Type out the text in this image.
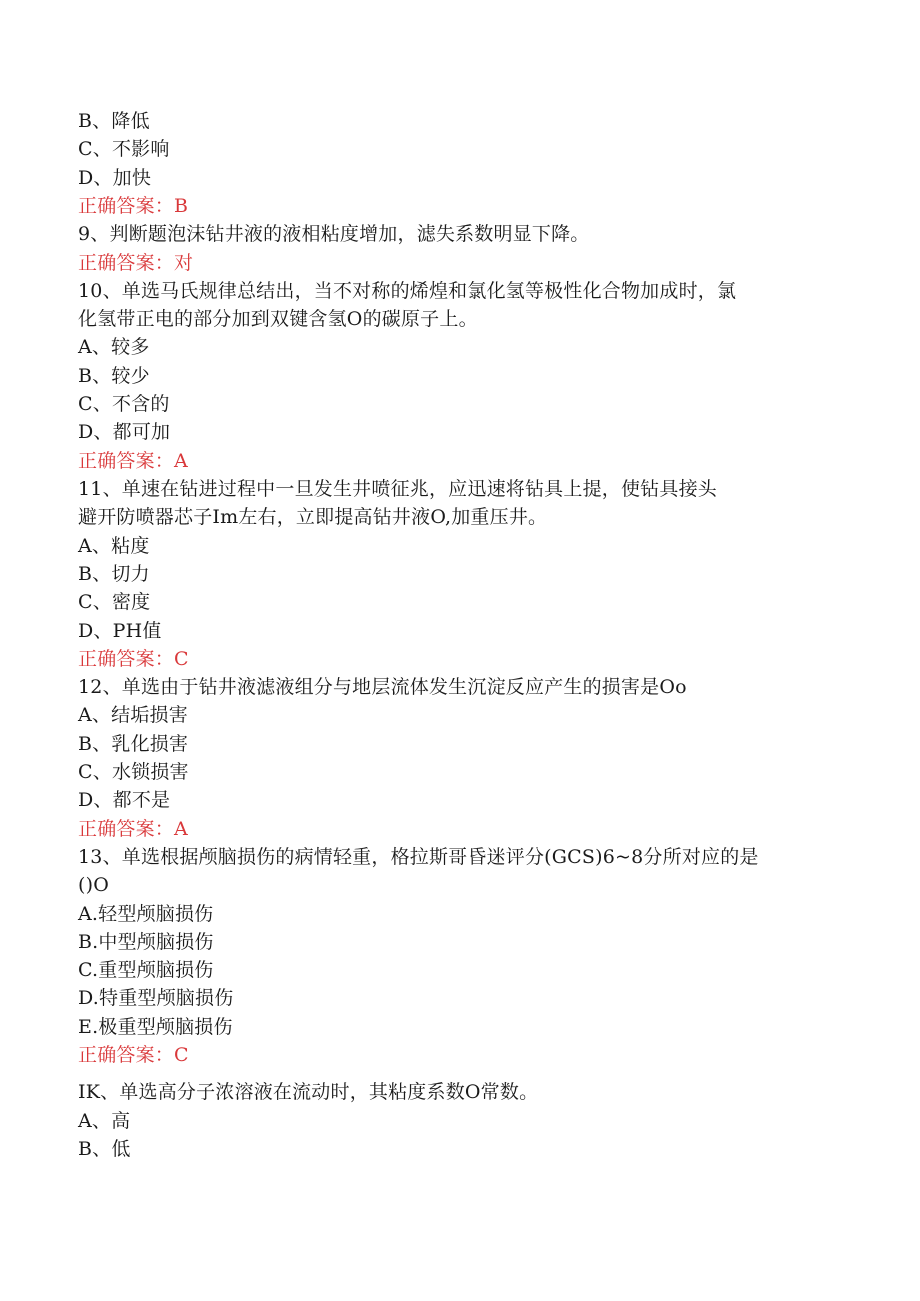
B、降低
C、不影响
D、加快
正确答案：B
9、判断题泡沫钻井液的液相粘度增加，滤失系数明显下降。
正确答案：对
10、单选马氏规律总结出，当不对称的烯煌和氯化氢等极性化合物加成时，氯
化氢带正电的部分加到双键含氢O的碳原子上。
A、较多
B、较少
C、不含的
D、都可加
正确答案：A
11、单速在钻进过程中一旦发生井喷征兆，应迅速将钻具上提，使钻具接头
避开防喷器芯子Im左右，立即提高钻井液O,加重压井。
A、粘度
B、切力
C、密度
D、PH值
正确答案：C
12、单选由于钻井液滤液组分与地层流体发生沉淀反应产生的损害是Oo
A、结垢损害
B、乳化损害
C、水锁损害
D、都不是
正确答案：A
13、单选根据颅脑损伤的病情轻重，格拉斯哥昏迷评分(GCS)6~8分所对应的是
()O
A.轻型颅脑损伤
B.中型颅脑损伤
C.重型颅脑损伤
D.特重型颅脑损伤
E.极重型颅脑损伤
正确答案：C
IK、单选高分子浓溶液在流动时，其粘度系数O常数。
A、高
B、低
